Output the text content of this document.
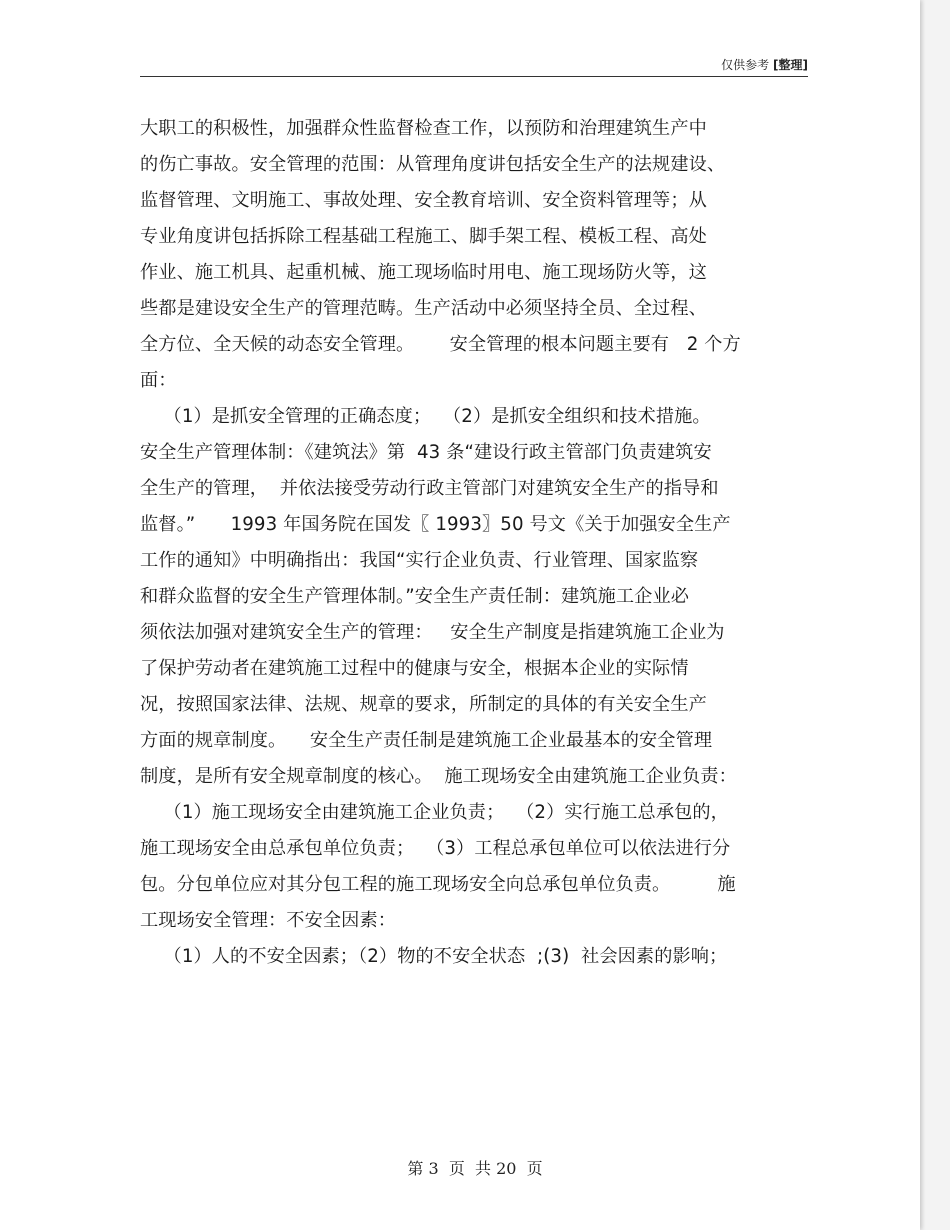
仅供参考 [整理]
大职工的积极性，加强群众性监督检查工作，以预防和治理建筑生产中
的伤亡事故。安全管理的范围：从管理角度讲包括安全生产的法规建设、
监督管理、文明施工、事故处理、安全教育培训、安全资料管理等；从
专业角度讲包括拆除工程基础工程施工、脚手架工程、模板工程、高处
作业、施工机具、起重机械、施工现场临时用电、施工现场防火等，这
些都是建设安全生产的管理范畴。生产活动中必须坚持全员、全过程、
全方位、全天候的动态安全管理。      安全管理的根本问题主要有   2 个方
面：
（1）是抓安全管理的正确态度；  （2）是抓安全组织和技术措施。
安全生产管理体制：《建筑法》第  43 条“建设行政主管部门负责建筑安
全生产的管理，  并依法接受劳动行政主管部门对建筑安全生产的指导和
监督。”      1993 年国务院在国发〖 1993〗50 号文《关于加强安全生产
工作的通知》中明确指出：我国“实行企业负责、行业管理、国家监察
和群众监督的安全生产管理体制。”安全生产责任制：建筑施工企业必
须依法加强对建筑安全生产的管理：   安全生产制度是指建筑施工企业为
了保护劳动者在建筑施工过程中的健康与安全，根据本企业的实际情
况，按照国家法律、法规、规章的要求，所制定的具体的有关安全生产
方面的规章制度。    安全生产责任制是建筑施工企业最基本的安全管理
制度，是所有安全规章制度的核心。  施工现场安全由建筑施工企业负责：
（1）施工现场安全由建筑施工企业负责；  （2）实行施工总承包的，
施工现场安全由总承包单位负责；  （3）工程总承包单位可以依法进行分
包。分包单位应对其分包工程的施工现场安全向总承包单位负责。        施
工现场安全管理：不安全因素：
（1）人的不安全因素；（2）物的不安全状态  ;(3)  社会因素的影响；
第 3  页  共 20  页
